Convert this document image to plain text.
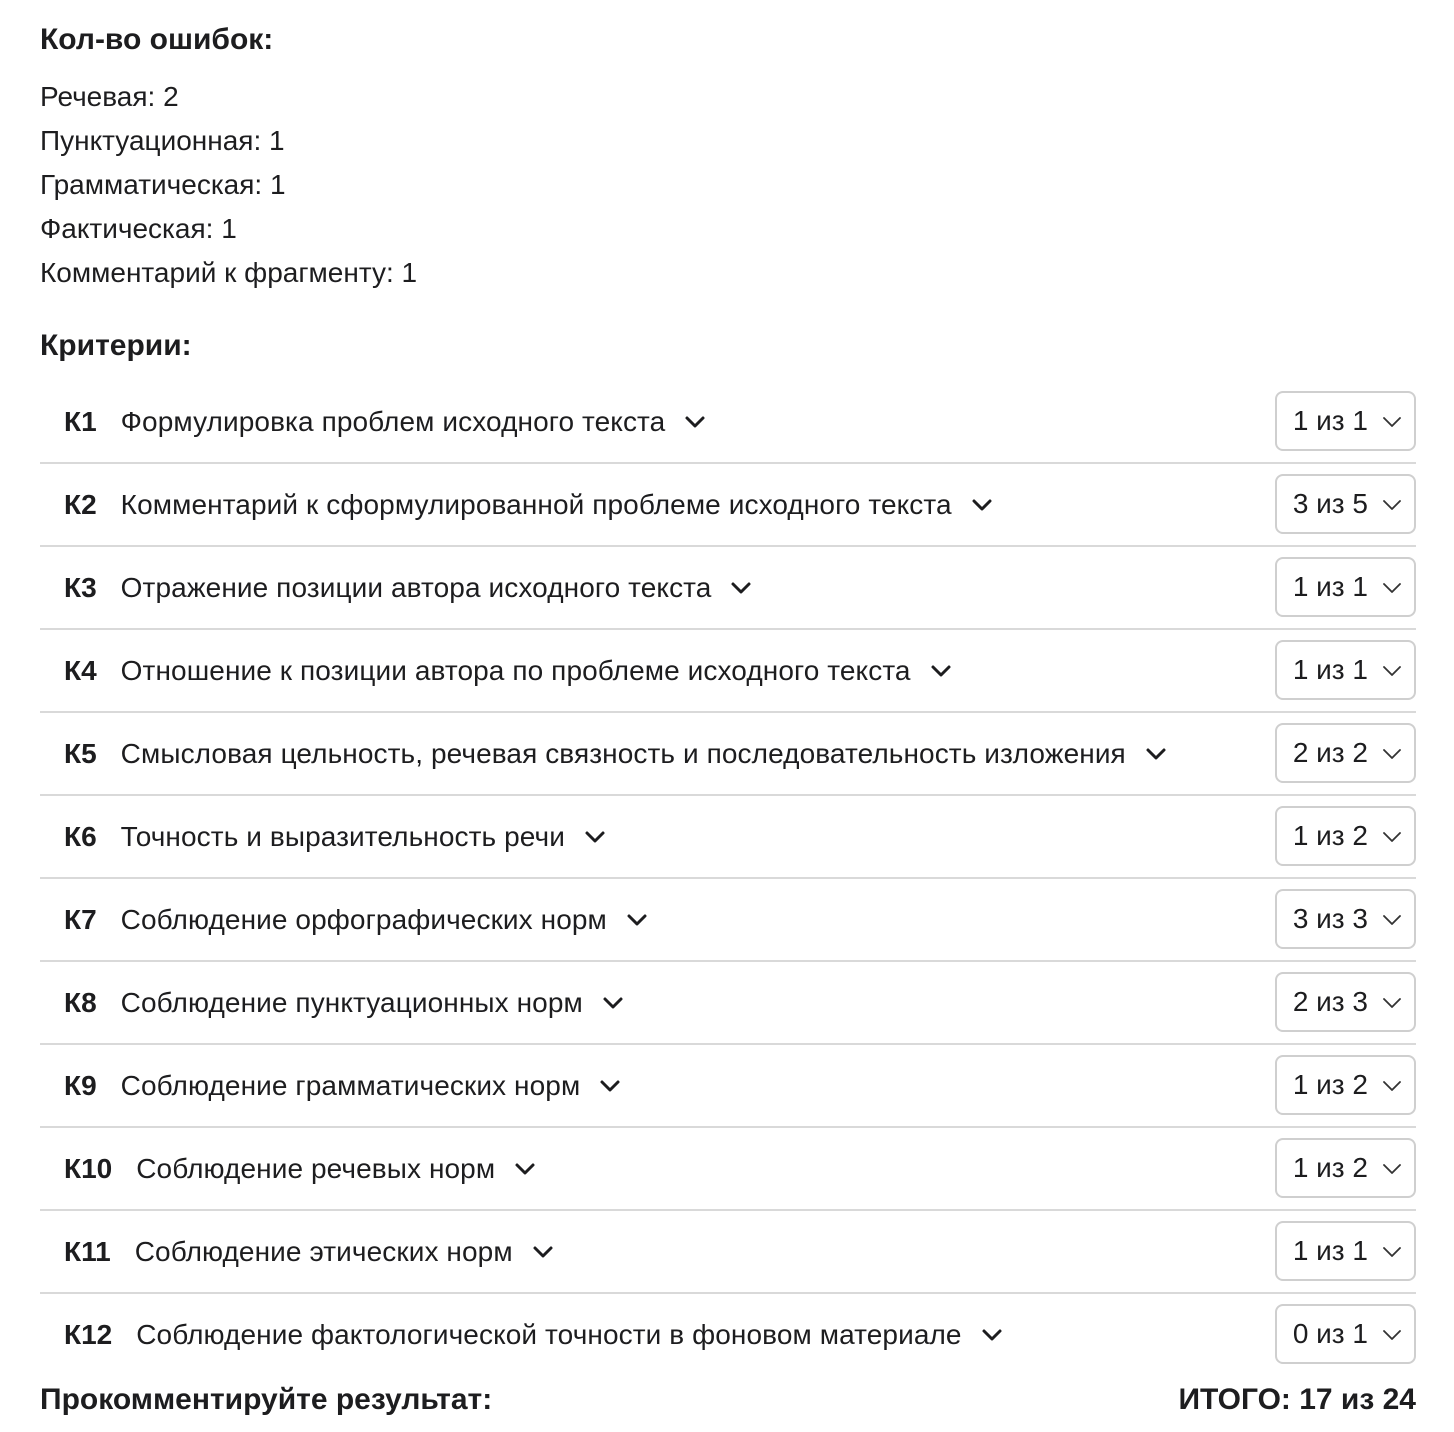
Кол-во ошибок:
Речевая: 2
Пунктуационная: 1
Грамматическая: 1
Фактическая: 1
Комментарий к фрагменту: 1
Критерии:
К1 Формулировка проблем исходного текста	1 из 1
К2 Комментарий к сформулированной проблеме исходного текста	3 из 5
К3 Отражение позиции автора исходного текста	1 из 1
К4 Отношение к позиции автора по проблеме исходного текста	1 из 1
К5 Смысловая цельность, речевая связность и последовательность изложения	2 из 2
К6 Точность и выразительность речи	1 из 2
К7 Соблюдение орфографических норм	3 из 3
К8 Соблюдение пунктуационных норм	2 из 3
К9 Соблюдение грамматических норм	1 из 2
К10 Соблюдение речевых норм	1 из 2
К11 Соблюдение этических норм	1 из 1
К12 Соблюдение фактологической точности в фоновом материале	0 из 1
Прокомментируйте результат:	ИТОГО: 17 из 24
